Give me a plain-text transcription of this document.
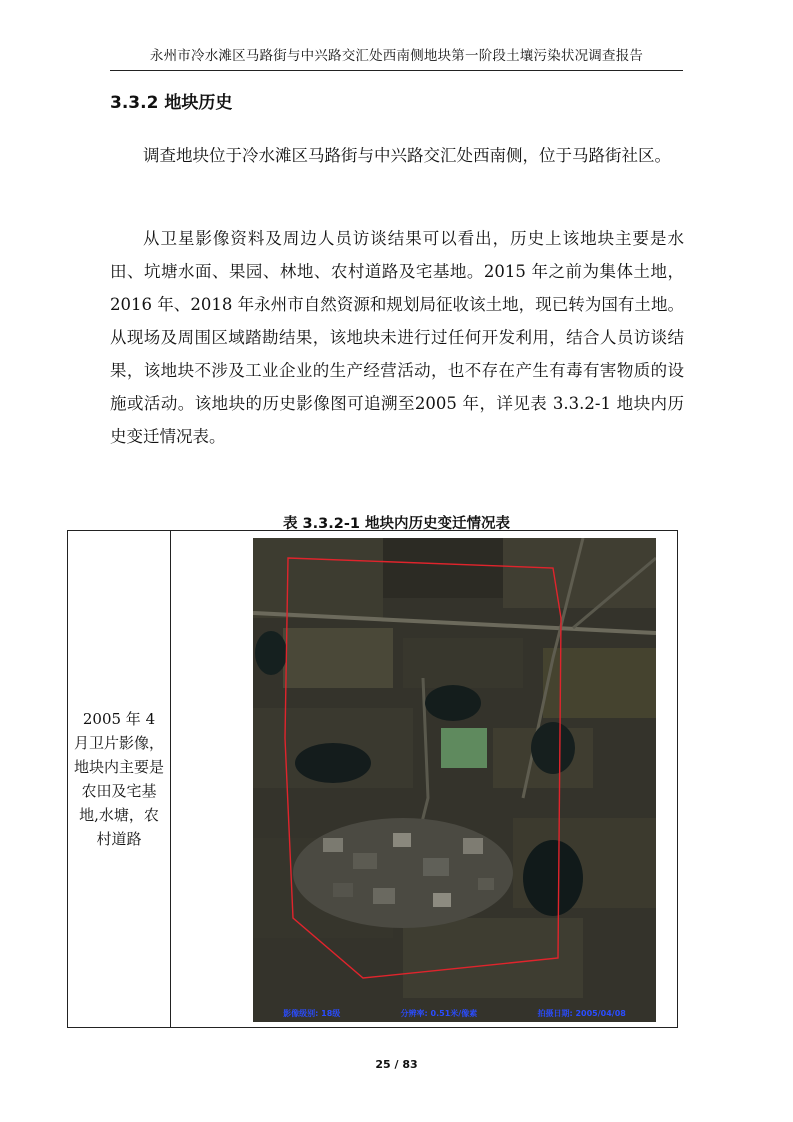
永州市冷水滩区马路街与中兴路交汇处西南侧地块第一阶段土壤污染状况调查报告
3.3.2 地块历史

调查地块位于冷水滩区马路街与中兴路交汇处西南侧，位于马路街社区。

从卫星影像资料及周边人员访谈结果可以看出，历史上该地块主要是水田、坑塘水面、果园、林地、农村道路及宅基地。2015 年之前为集体土地，2016 年、2018 年永州市自然资源和规划局征收该土地，现已转为国有土地。从现场及周围区域踏勘结果，该地块未进行过任何开发利用，结合人员访谈结果，该地块不涉及工业企业的生产经营活动，也不存在产生有毒有害物质的设施或活动。该地块的历史影像图可追溯至2005 年，详见表 3.3.2-1 地块内历史变迁情况表。

表 3.3.2-1 地块内历史变迁情况表
2005 年 4 月卫片影像，地块内主要是农田及宅基地,水塘，农村道路
影像级别: 18级	分辨率: 0.51米/像素	拍摄日期: 2005/04/08
25 / 83
